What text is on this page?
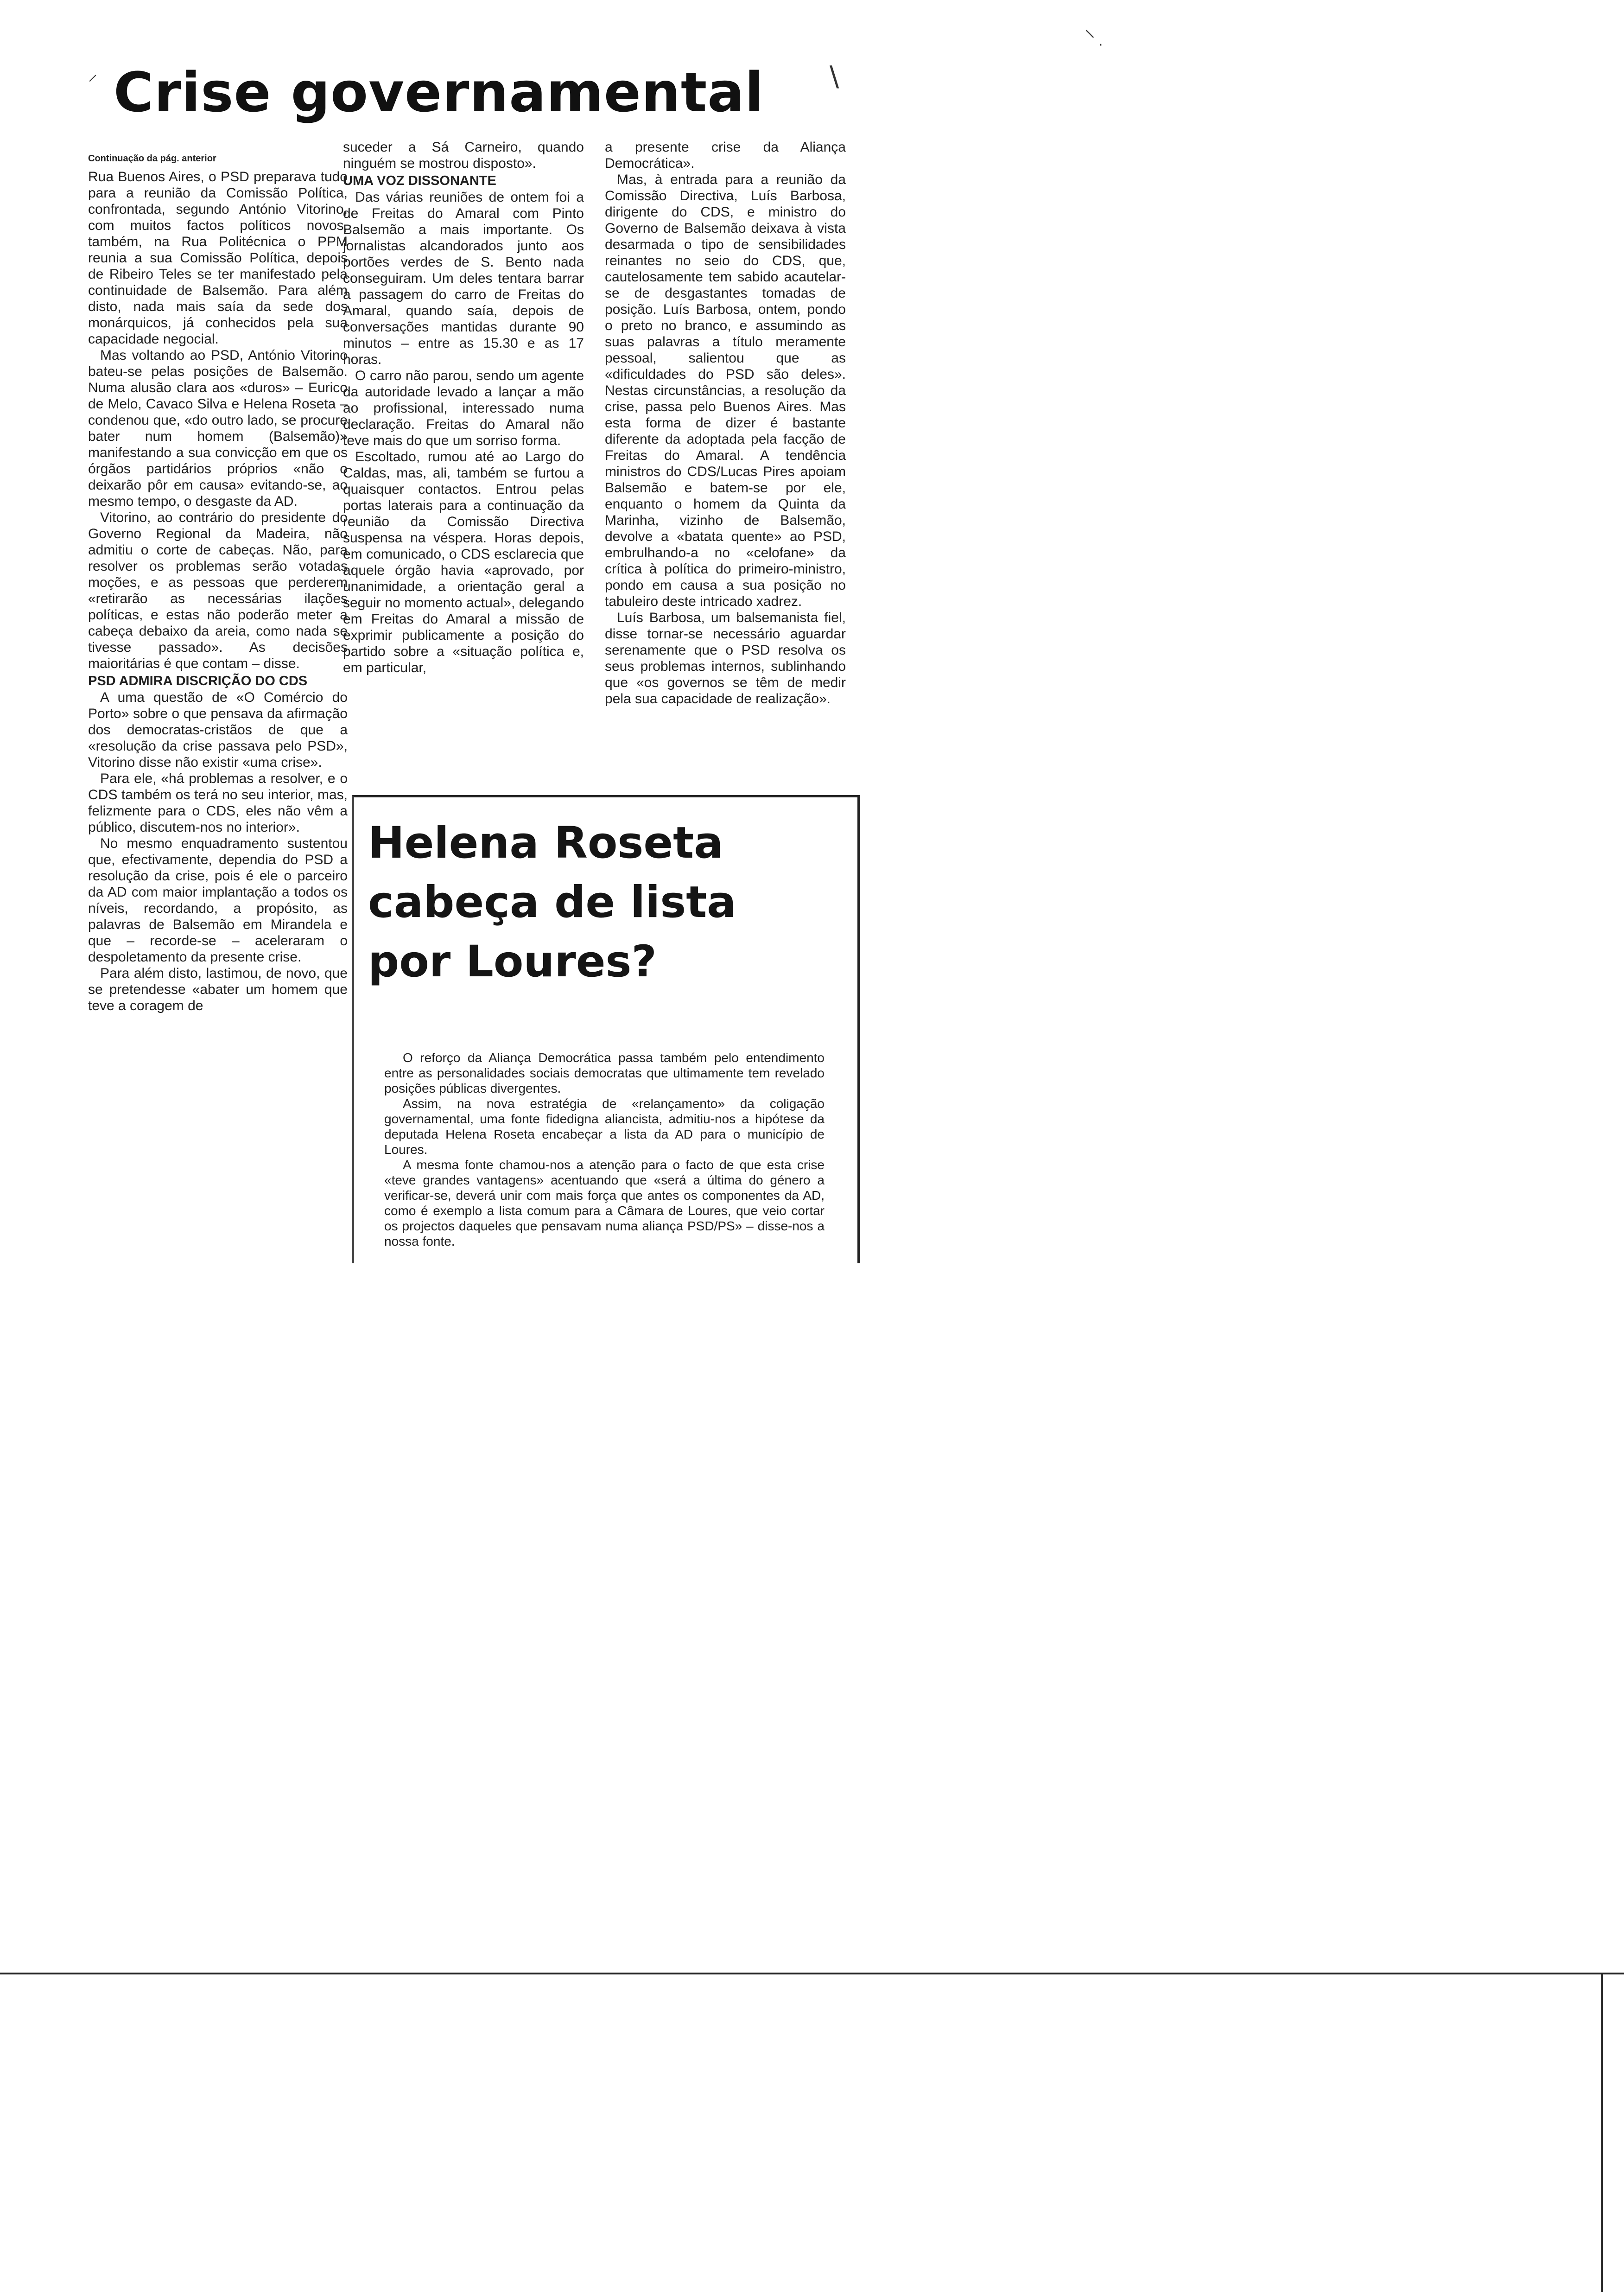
⸝ Crise governamental \

Continuação da pág. anterior

Rua Buenos Aires, o PSD preparava tudo para a reunião da Comissão Política, confrontada, segundo António Vitorino, com muitos factos políticos novos, também, na Rua Politécnica o PPM reunia a sua Comissão Política, depois de Ribeiro Teles se ter manifestado pela continuidade de Balsemão. Para além disto, nada mais saía da sede dos monárquicos, já conhecidos pela sua capacidade negocial.

Mas voltando ao PSD, António Vitorino bateu-se pelas posições de Balsemão. Numa alusão clara aos «duros» – Eurico de Melo, Cavaco Silva e Helena Roseta – condenou que, «do outro lado, se procure bater num homem (Balsemão)» manifestando a sua convicção em que os órgãos partidários próprios «não o deixarão pôr em causa» evitando-se, ao mesmo tempo, o desgaste da AD.

Vitorino, ao contrário do presidente do Governo Regional da Madeira, não admitiu o corte de cabeças. Não, para resolver os problemas serão votadas moções, e as pessoas que perderem «retirarão as necessárias ilações políticas, e estas não poderão meter a cabeça debaixo da areia, como nada se tivesse passado». As decisões maioritárias é que contam – disse.

PSD ADMIRA DISCRIÇÃO DO CDS

A uma questão de «O Comércio do Porto» sobre o que pensava da afirmação dos democratas-cristãos de que a «resolução da crise passava pelo PSD», Vitorino disse não existir «uma crise».

Para ele, «há problemas a resolver, e o CDS também os terá no seu interior, mas, felizmente para o CDS, eles não vêm a público, discutem-nos no interior».

No mesmo enquadramento sustentou que, efectivamente, dependia do PSD a resolução da crise, pois é ele o parceiro da AD com maior implantação a todos os níveis, recordando, a propósito, as palavras de Balsemão em Mirandela e que – recorde-se – aceleraram o despoletamento da presente crise.

Para além disto, lastimou, de novo, que se pretendesse «abater um homem que teve a coragem de

suceder a Sá Carneiro, quando ninguém se mostrou disposto».

UMA VOZ DISSONANTE

Das várias reuniões de ontem foi a de Freitas do Amaral com Pinto Balsemão a mais importante. Os jornalistas alcandorados junto aos portões verdes de S. Bento nada conseguiram. Um deles tentara barrar a passagem do carro de Freitas do Amaral, quando saía, depois de conversações mantidas durante 90 minutos – entre as 15.30 e as 17 horas.

O carro não parou, sendo um agente da autoridade levado a lançar a mão ao profissional, interessado numa declaração. Freitas do Amaral não teve mais do que um sorriso forma.

Escoltado, rumou até ao Largo do Caldas, mas, ali, também se furtou a quaisquer contactos. Entrou pelas portas laterais para a continuação da reunião da Comissão Directiva suspensa na véspera. Horas depois, em comunicado, o CDS esclarecia que aquele órgão havia «aprovado, por unanimidade, a orientação geral a seguir no momento actual», delegando em Freitas do Amaral a missão de exprimir publicamente a posição do partido sobre a «situação política e, em particular,

a presente crise da Aliança Democrática».

Mas, à entrada para a reunião da Comissão Directiva, Luís Barbosa, dirigente do CDS, e ministro do Governo de Balsemão deixava à vista desarmada o tipo de sensibilidades reinantes no seio do CDS, que, cautelosamente tem sabido acautelar-se de desgastantes tomadas de posição. Luís Barbosa, ontem, pondo o preto no branco, e assumindo as suas palavras a título meramente pessoal, salientou que as «dificuldades do PSD são deles». Nestas circunstâncias, a resolução da crise, passa pelo Buenos Aires. Mas esta forma de dizer é bastante diferente da adoptada pela facção de Freitas do Amaral. A tendência ministros do CDS/Lucas Pires apoiam Balsemão e batem-se por ele, enquanto o homem da Quinta da Marinha, vizinho de Balsemão, devolve a «batata quente» ao PSD, embrulhando-a no «celofane» da crítica à política do primeiro-ministro, pondo em causa a sua posição no tabuleiro deste intricado xadrez.

Luís Barbosa, um balsemanista fiel, disse tornar-se necessário aguardar serenamente que o PSD resolva os seus problemas internos, sublinhando que «os governos se têm de medir pela sua capacidade de realização».

Helena Roseta
cabeça de lista
por Loures?

O reforço da Aliança Democrática passa também pelo entendimento entre as personalidades sociais democratas que ultimamente tem revelado posições públicas divergentes.

Assim, na nova estratégia de «relançamento» da coligação governamental, uma fonte fidedigna aliancista, admitiu-nos a hipótese da deputada Helena Roseta encabeçar a lista da AD para o município de Loures.

A mesma fonte chamou-nos a atenção para o facto de que esta crise «teve grandes vantagens» acentuando que «será a última do género a verificar-se, deverá unir com mais força que antes os componentes da AD, como é exemplo a lista comum para a Câmara de Loures, que veio cortar os projectos daqueles que pensavam numa aliança PSD/PS» – disse-nos a nossa fonte.

⸜
·
